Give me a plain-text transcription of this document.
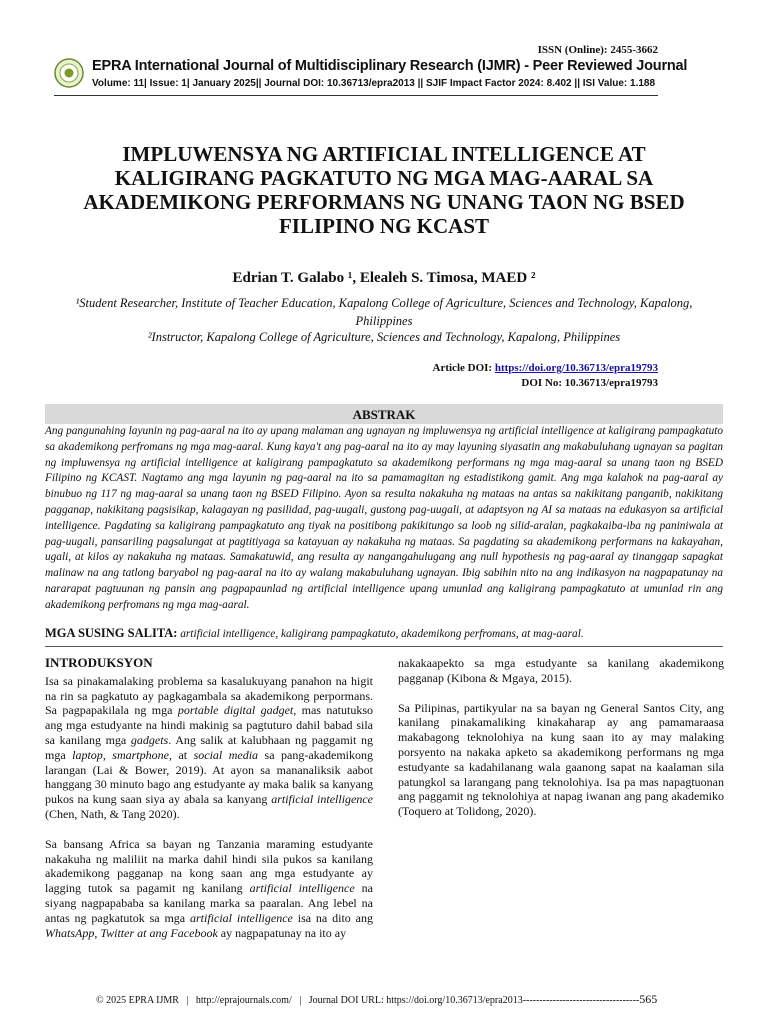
ISSN (Online): 2455-3662
EPRA International Journal of Multidisciplinary Research (IJMR) - Peer Reviewed Journal
Volume: 11| Issue: 1| January 2025|| Journal DOI: 10.36713/epra2013 || SJIF Impact Factor 2024: 8.402 || ISI Value: 1.188
IMPLUWENSYA NG ARTIFICIAL INTELLIGENCE AT KALIGIRANG PAGKATUTO NG MGA MAG-AARAL SA AKADEMIKONG PERFORMANS NG UNANG TAON NG BSED FILIPINO NG KCAST
Edrian T. Galabo ¹, Elealeh S. Timosa, MAED ²
¹Student Researcher, Institute of Teacher Education, Kapalong College of Agriculture, Sciences and Technology, Kapalong, Philippines
²Instructor, Kapalong College of Agriculture, Sciences and Technology, Kapalong, Philippines
Article DOI: https://doi.org/10.36713/epra19793
DOI No: 10.36713/epra19793
ABSTRAK
Ang pangunahing layunin ng pag-aaral na ito ay upang malaman ang ugnayan ng impluwensya ng artificial intelligence at kaligirang pampagkatuto sa akademikong perfromans ng mga mag-aaral. Kung kaya't ang pag-aaral na ito ay may layuning siyasatin ang makabuluhang ugnayan sa pagitan ng impluwensya ng artificial intelligence at kaligirang pampagkatuto sa akademikong performans ng mga mag-aaral sa unang taon ng BSED Filipino ng KCAST. Nagtamo ang mga layunin ng pag-aaral na ito sa pamamagitan ng estadistikong gamit. Ang mga kalahok na pag-aaral ay binubuo ng 117 ng mag-aaral sa unang taon ng BSED Filipino. Ayon sa resulta nakakuha ng mataas na antas sa nakikitang panganib, nakikitang pagganap, nakikitang pagsisikap, kalagayan ng pasilidad, pag-uugali, gustong pag-uugali, at adaptsyon ng AI sa mataas na edukasyon sa artificial intelligence. Pagdating sa kaligirang pampagkatuto ang tiyak na positibong pakikitungo sa loob ng silid-aralan, pagkakaiba-iba ng paniniwala at pag-uugali, pansariling pagsalungat at pagtitiyaga sa katayuan ay nakakuha ng mataas. Sa pagdating sa akademikong performans na kakayahan, ugali, at kilos ay nakakuha ng mataas. Samakatuwid, ang resulta ay nangangahulugang ang null hypothesis ng pag-aaral ay tinanggap sapagkat malinaw na ang tatlong baryabol ng pag-aaral na ito ay walang makabuluhang ugnayan. Ibig sabihin nito na ang indikasyon na nagpapatunay na nararapat pagtuunan ng pansin ang pagpapaunlad ng artificial intelligence upang umunlad ang kaligirang pampagkatuto at umunlad rin ang akademikong perfromans ng mga mag-aaral.
MGA SUSING SALITA: artificial intelligence, kaligirang pampagkatuto, akademikong perfromans, at mag-aaral.
INTRODUKSYON

Isa sa pinakamalaking problema sa kasalukuyang panahon na higit na rin sa pagkatuto ay pagkagambala sa akademikong perpormans. Sa pagpapakilala ng mga portable digital gadget, mas natutukso ang mga estudyante na hindi makinig sa pagtuturo dahil babad sila sa kanilang mga gadgets. Ang salik at kalubhaan ng paggamit ng mga laptop, smartphone, at social media sa pang-akademikong larangan (Lai & Bower, 2019). At ayon sa mananaliksik aabot hanggang 30 minuto bago ang estudyante ay maka balik sa kanyang pukos na kung saan siya ay abala sa kanyang artificial intelligence (Chen, Nath, & Tang 2020).

Sa bansang Africa sa bayan ng Tanzania maraming estudyante nakakuha ng maliliit na marka dahil hindi sila pukos sa kanilang akademikong pagganap na kong saan ang mga estudyante ay lagging tutok sa pagamit ng kanilang artificial intelligence na siyang nagpapababa sa kanilang marka sa paaralan. Ang lebel na antas ng pagkatutok sa mga artificial intelligence isa na dito ang WhatsApp, Twitter at ang Facebook ay nagpapatunay na ito ay

nakakaapekto sa mga estudyante sa kanilang akademikong pagganap (Kibona & Mgaya, 2015).

Sa Pilipinas, partikyular na sa bayan ng General Santos City, ang kanilang pinakamaliking kinakaharap ay ang pamamaraasa makabagong teknolohiya na kung saan ito ay may malaking porsyento na nakaka apketo sa akademikong performans ng mga estudyante sa kadahilanang wala gaanong sapat na kaalaman sila patungkol sa larangang pang teknolohiya. Isa pa mas napagtuonan ang paggamit ng teknolohiya at napag iwanan ang pang akademiko (Toquero at Tolidong, 2020).

© 2025 EPRA IJMR | http://eprajournals.com/ | Journal DOI URL: https://doi.org/10.36713/epra2013-----------------------------------565
